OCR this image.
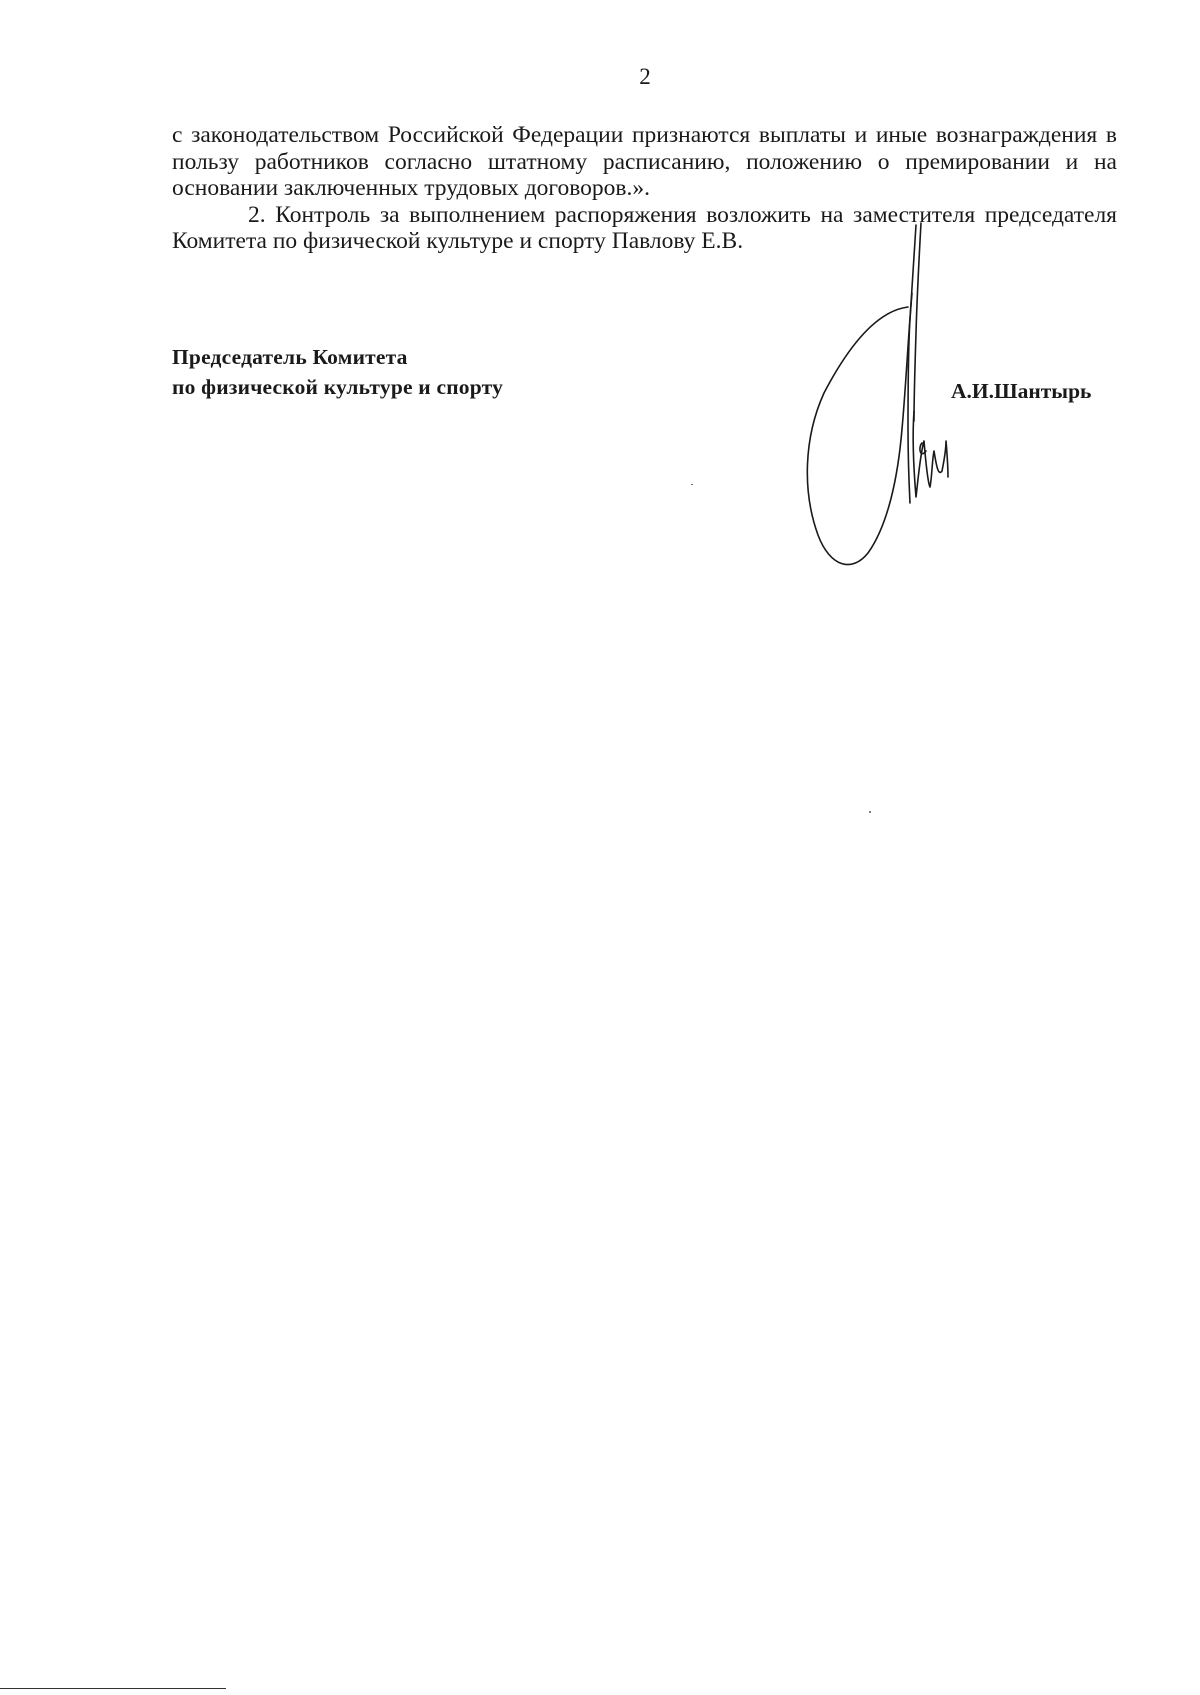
2

с законодательством Российской Федерации признаются выплаты и иные вознаграждения в пользу работников согласно штатному расписанию, положению о премировании и на основании заключенных трудовых договоров.».

2. Контроль за выполнением распоряжения возложить на заместителя председателя Комитета по физической культуре и спорту Павлову Е.В.

Председатель Комитета
по физической культуре и спорту	А.И.Шантырь
